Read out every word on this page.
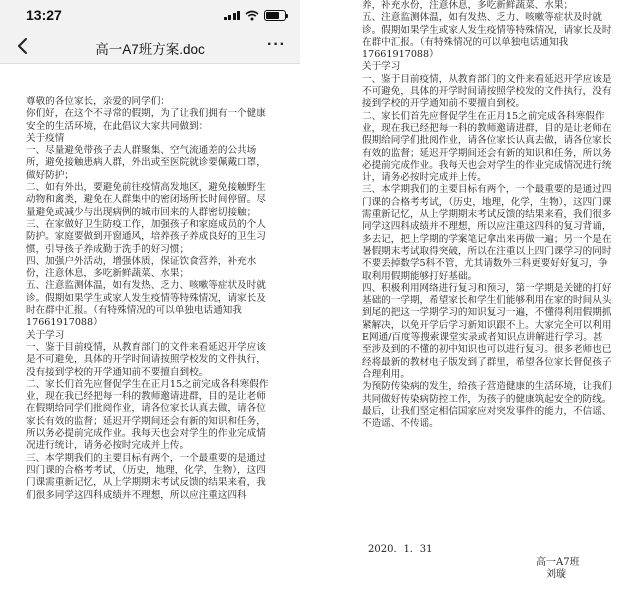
13:27
高一A7班方案.doc	···
尊敬的各位家长，亲爱的同学们：
你们好，在这个不寻常的假期，为了让我们拥有一个健康安全的生活环境，在此倡议大家共同做到：
关于疫情
一、尽量避免带孩子去人群聚集、空气流通差的公共场所，避免接触患病人群，外出或至医院就诊要佩戴口罩，做好防护；
二、如有外出，要避免前往疫情高发地区，避免接触野生动物和禽类，避免在人群集中的密闭场所长时间停留。尽量避免或减少与出现病例的城市回来的人群密切接触；
三、在家做好卫生防疫工作，加强孩子和家庭成员的个人防护。家庭要做到开窗通风，培养孩子养成良好的卫生习惯，引导孩子养成勤于洗手的好习惯；
四、加强户外活动，增强体质，保证饮食营养，补充水份，注意休息，多吃新鲜蔬菜、水果；
五、注意监测体温，如有发热、乏力、咳嗽等症状及时就诊。假期如果学生或家人发生疫情等特殊情况，请家长及时在群中汇报。（有特殊情况的可以单独电话通知我17661917088）
关于学习
一、鉴于目前疫情，从教育部门的文件来看延迟开学应该是不可避免，具体的开学时间请按照学校发的文件执行，没有接到学校的开学通知前不要擅自到校。
二、家长们首先应督促学生在正月15之前完成各科寒假作业，现在我已经把每一科的教师邀请进群，目的是让老师在假期给同学们批阅作业，请各位家长认真去做，请各位家长有效的监督；延迟开学期间还会有新的知识和任务，所以务必提前完成作业。我每天也会对学生的作业完成情况进行统计，请务必按时完成并上传。
三、本学期我们的主要目标有两个，一个最重要的是通过四门课的合格考考试，（历史，地理，化学，生物），这四门课需重新记忆，从上学期期末考试反馈的结果来看，我们很多同学这四科成绩并不理想，所以应注重这四科
养，补充水份，注意休息，多吃新鲜蔬菜、水果；
五、注意监测体温，如有发热、乏力、咳嗽等症状及时就诊。假期如果学生或家人发生疫情等特殊情况，请家长及时在群中汇报。（有特殊情况的可以单独电话通知我17661917088）
关于学习
一、鉴于目前疫情，从教育部门的文件来看延迟开学应该是不可避免，具体的开学时间请按照学校发的文件执行，没有接到学校的开学通知前不要擅自到校。
二、家长们首先应督促学生在正月15之前完成各科寒假作业，现在我已经把每一科的教师邀请进群，目的是让老师在假期给同学们批阅作业，请各位家长认真去做，请各位家长有效的监督；延迟开学期间还会有新的知识和任务，所以务必提前完成作业。我每天也会对学生的作业完成情况进行统计，请务必按时完成并上传。
三、本学期我们的主要目标有两个，一个最重要的是通过四门课的合格考考试，（历史，地理，化学，生物），这四门课需重新记忆，从上学期期末考试反馈的结果来看，我们很多同学这四科成绩并不理想，所以应注重这四科的复习背诵，多去记，把上学期的学案笔记拿出来再做一遍；另一个是在暑假期末考试取得突破，所以在注重以上四门课学习的同时不要丢掉数学5科不管，尤其请数外三科更要好好复习，争取利用假期能够打好基础。
四、积极利用网络进行复习和预习，第一学期是关键的打好基础的一学期，希望家长和学生们能够利用在家的时间从头到尾的把这一学期学习的知识复习一遍，不懂得利用假期抓紧解决，以免开学后学习新知识跟不上。大家完全可以利用E网通/百度等搜索课堂实录或者知识点讲解进行学习。甚至涉及到的不懂的初中知识也可以进行复习。很多老师也已经将最新的教材电子版发到了群里，希望各位家长督促孩子合理利用。
为预防传染病的发生，给孩子营造健康的生活环境，让我们共同做好传染病防控工作，为孩子的健康筑起安全的防线。最后，让我们坚定相信国家应对突发事件的能力，不信谣、不造谣、不传谣。
2020．1．31
高一A7班
刘璇
